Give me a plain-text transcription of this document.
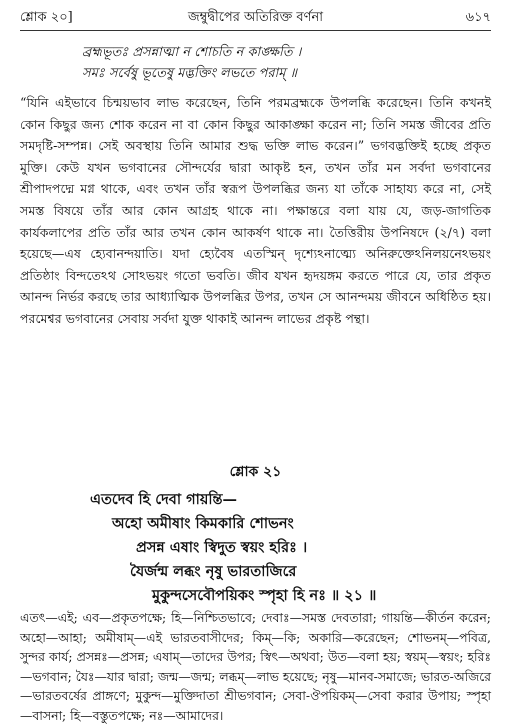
শ্লোক ২০]	জম্বুদ্বীপের অতিরিক্ত বর্ণনা	৬১৭
ব্রহ্মভূতঃ প্রসন্নাত্মা ন শোচতি ন কাঙ্ক্ষতি ।
সমঃ সর্বেষু ভূতেষু মদ্ভক্তিং লভতে পরাম্‌ ॥
“যিনি এইভাবে চিন্ময়ভাব লাভ করেছেন, তিনি পরমব্রহ্মকে উপলব্ধি করেছেন। তিনি কখনই কোন কিছুর জন্য শোক করেন না বা কোন কিছুর আকাঙ্ক্ষা করেন না; তিনি সমস্ত জীবের প্রতি সমদৃষ্টি-সম্পন্ন। সেই অবস্থায় তিনি আমার শুদ্ধ ভক্তি লাভ করেন।” ভগবদ্ভক্তিই হচ্ছে প্রকৃত মুক্তি। কেউ যখন ভগবানের সৌন্দর্যের দ্বারা আকৃষ্ট হন, তখন তাঁর মন সর্বদা ভগবানের শ্রীপাদপদ্মে মগ্ন থাকে, এবং তখন তাঁর স্বরূপ উপলব্ধির জন্য যা তাঁকে সাহায্য করে না, সেই সমস্ত বিষয়ে তাঁর আর কোন আগ্রহ থাকে না। পক্ষান্তরে বলা যায় যে, জড়-জাগতিক কার্যকলাপের প্রতি তাঁর আর তখন কোন আকর্ষণ থাকে না। তৈত্তিরীয় উপনিষদে (২/৭) বলা হয়েছে—এষ হ্যেবানন্দয়াতি। যদা হ্যেবৈষ এতস্মিন্ দৃশ্যেঽনাত্ম্যে অনিরুক্তেঽনিলয়নেঽভয়ং প্রতিষ্ঠাং বিন্দতেঽথ সোঽভয়ং গতো ভবতি। জীব যখন হৃদয়ঙ্গম করতে পারে যে, তার প্রকৃত আনন্দ নির্ভর করছে তার আধ্যাত্মিক উপলব্ধির উপর, তখন সে আনন্দময় জীবনে অধিষ্ঠিত হয়। পরমেশ্বর ভগবানের সেবায় সর্বদা যুক্ত থাকাই আনন্দ লাভের প্রকৃষ্ট পন্থা।
শ্লোক ২১
এতদেব হি দেবা গায়ন্তি—
অহো অমীষাং কিমকারি শোভনং
প্রসন্ন এষাং স্বিদুত স্বয়ং হরিঃ ।
যৈর্জন্ম লব্ধং নৃষু ভারতাজিরে
মুকুন্দসেবৌপয়িকং স্পৃহা হি নঃ ॥ ২১ ॥
এতৎ—এই; এব—প্রকৃতপক্ষে; হি—নিশ্চিতভাবে; দেবাঃ—সমস্ত দেবতারা; গায়ন্তি—কীর্তন করেন; অহো—আহা; অমীষাম্—এই ভারতবাসীদের; কিম্—কি; অকারি—করেছেন; শোভনম্—পবিত্র, সুন্দর কার্য; প্রসন্নঃ—প্রসন্ন; এষাম্—তাদের উপর; স্বিৎ—অথবা; উত—বলা হয়; স্বয়ম্—স্বয়ং; হরিঃ—ভগবান; যৈঃ—যার দ্বারা; জন্ম—জন্ম; লব্ধম্—লাভ হয়েছে; নৃষু—মানব-সমাজে; ভারত-অজিরে—ভারতবর্ষের প্রাঙ্গণে; মুকুন্দ—মুক্তিদাতা শ্রীভগবান; সেবা-ঔপয়িকম্—সেবা করার উপায়; স্পৃহা—বাসনা; হি—বস্তুতপক্ষে; নঃ—আমাদের।
